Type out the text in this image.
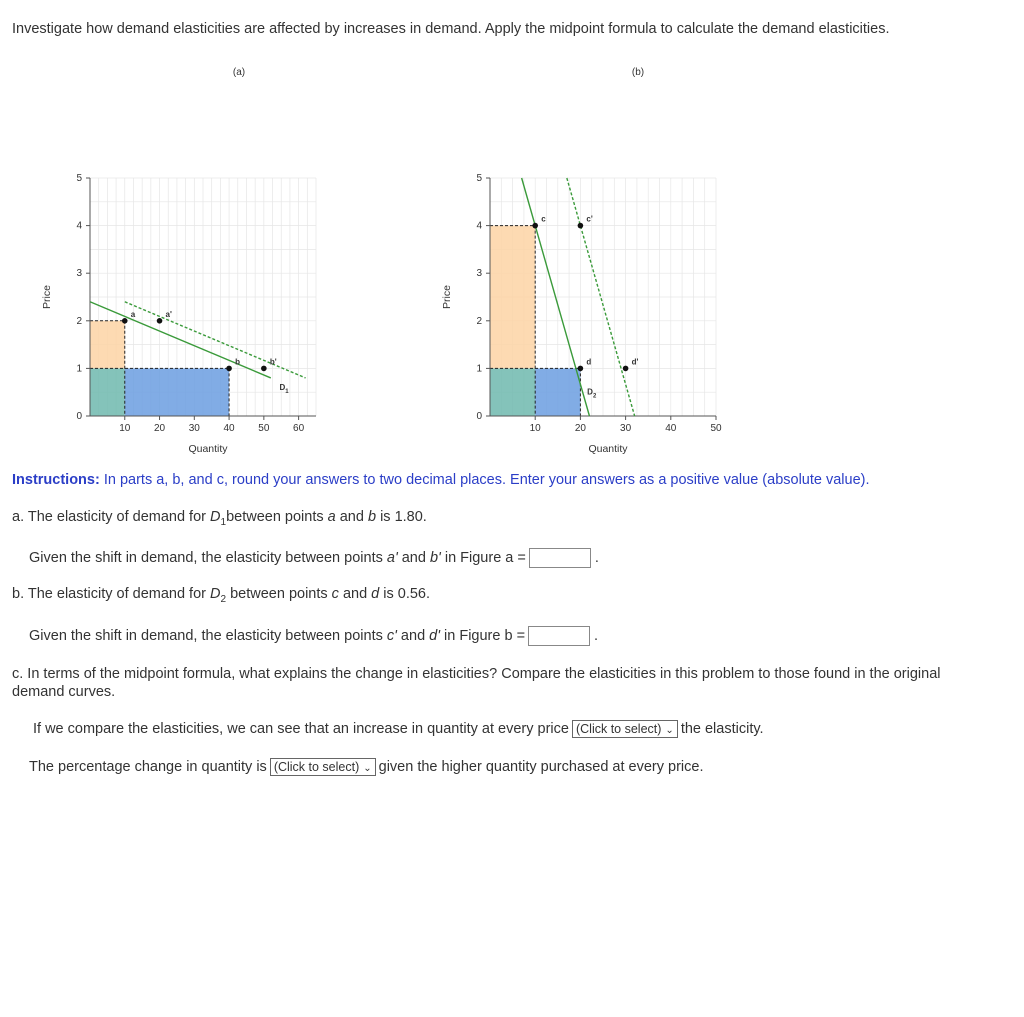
Investigate how demand elasticities are affected by increases in demand. Apply the midpoint formula to calculate the demand elasticities.
(a)
0
1
2
3
4
5
10 20 30 40 50 60
Quantity
Price
a	a'
b	b'
$D_1$
(b)
0
1
2
3
4
5
10	20	30	40	50
Quantity
Price
c	c'
d	d'
$D_2$
Instructions: In parts a, b, and c, round your answers to two decimal places. Enter your answers as a positive value (absolute value).
a. The elasticity of demand for $D_1between$ points a and b is 1.80.
Given the shift in demand, the elasticity between points a' and b' in Figure a =	.
b. The elasticity of demand for $D_2$ between points c and d is 0.56.
Given the shift in demand, the elasticity between points c' and d' in Figure b =	.
c. In terms of the midpoint formula, what explains the change in elasticities? Compare the elasticities in this problem to those found in the original demand curves.
If we compare the elasticities, we can see that an increase in quantity at every price (Click to select) ⌄ the elasticity.
The percentage change in quantity is (Click to select) ⌄ given the higher quantity purchased at every price.
